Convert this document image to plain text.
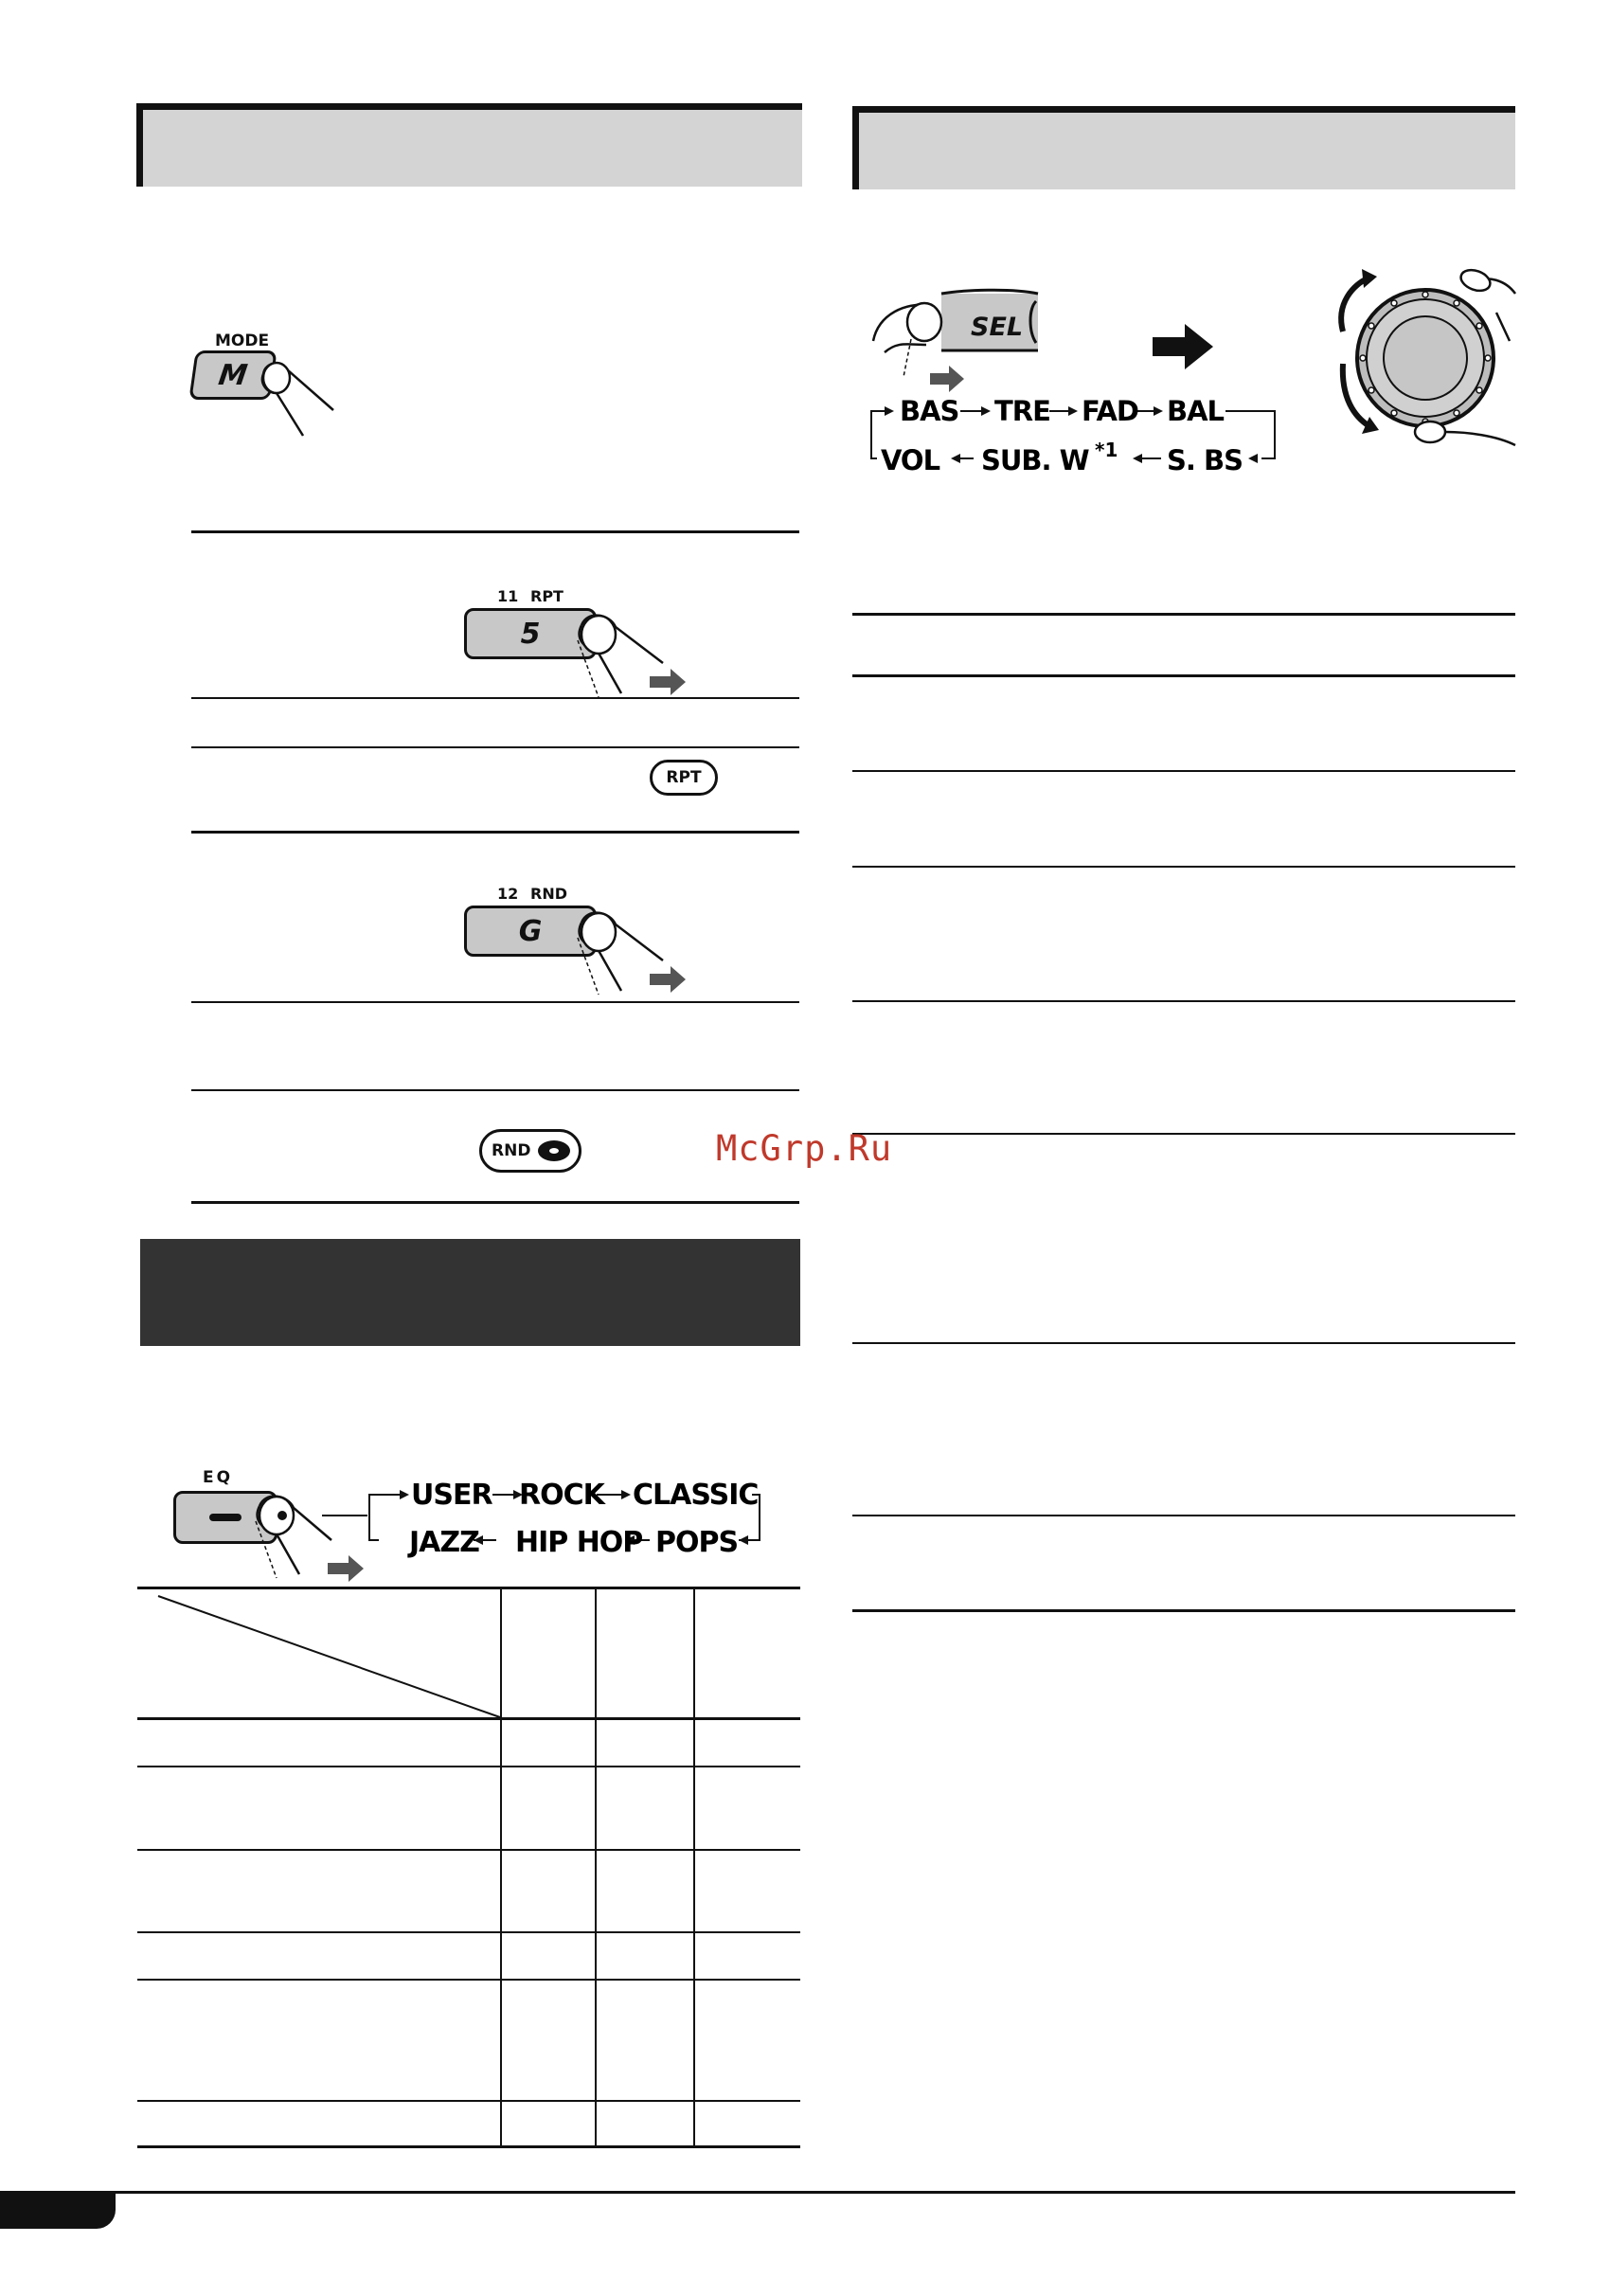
MODE
M
11 RPT
5
RPT
12 RND
G
RND
EQ
USER ROCK CLASSIC
JAZZ HIP HOP POPS
SEL
BAS TRE FAD BAL
VOL SUB. W *1 S. BS
McGrp.Ru
